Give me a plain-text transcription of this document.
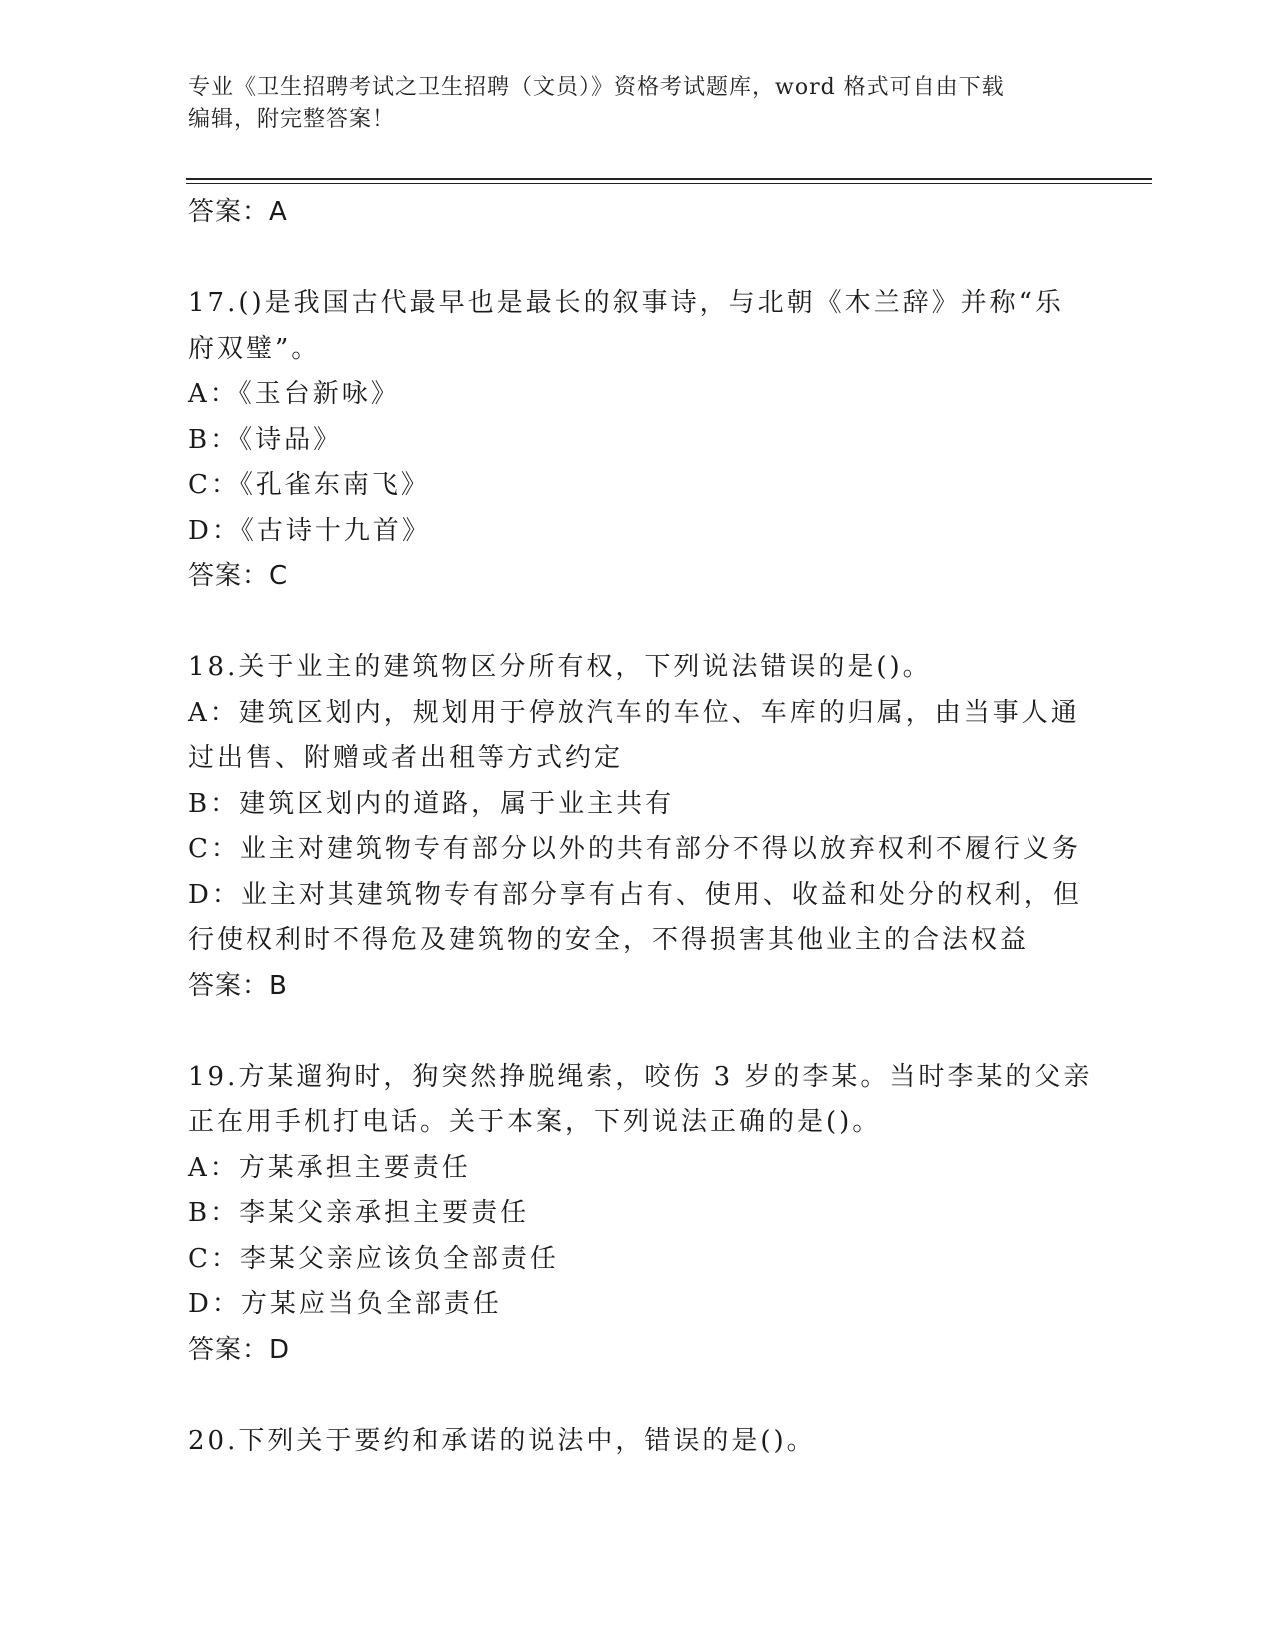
专业《卫生招聘考试之卫生招聘（文员）》资格考试题库，word 格式可自由下载
编辑，附完整答案！
答案：A
17.()是我国古代最早也是最长的叙事诗，与北朝《木兰辞》并称“乐
府双璧”。
A：《玉台新咏》
B：《诗品》
C：《孔雀东南飞》
D：《古诗十九首》
答案：C
18.关于业主的建筑物区分所有权，下列说法错误的是()。
A：建筑区划内，规划用于停放汽车的车位、车库的归属，由当事人通
过出售、附赠或者出租等方式约定
B：建筑区划内的道路，属于业主共有
C：业主对建筑物专有部分以外的共有部分不得以放弃权利不履行义务
D：业主对其建筑物专有部分享有占有、使用、收益和处分的权利，但
行使权利时不得危及建筑物的安全，不得损害其他业主的合法权益
答案：B
19.方某遛狗时，狗突然挣脱绳索，咬伤 3 岁的李某。当时李某的父亲
正在用手机打电话。关于本案，下列说法正确的是()。
A：方某承担主要责任
B：李某父亲承担主要责任
C：李某父亲应该负全部责任
D：方某应当负全部责任
答案：D
20.下列关于要约和承诺的说法中，错误的是()。
